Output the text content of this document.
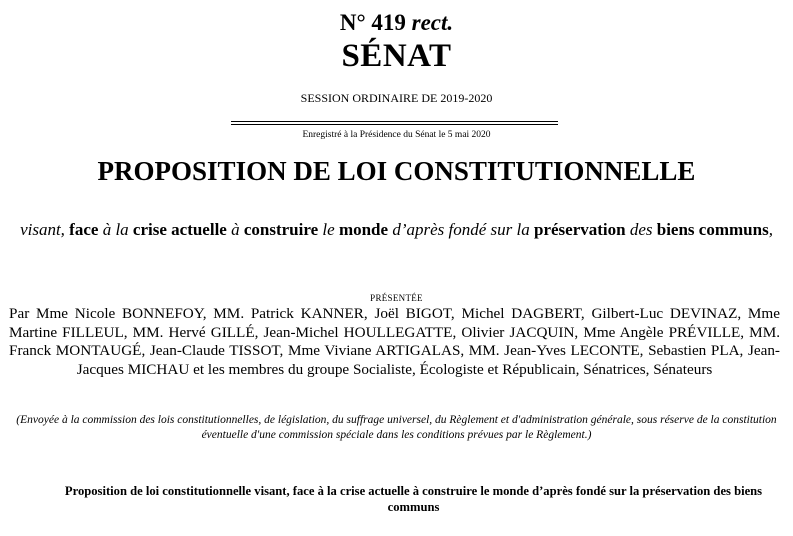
N° 419 rect.
SÉNAT
SESSION ORDINAIRE DE 2019-2020
Enregistré à la Présidence du Sénat le 5 mai 2020
PROPOSITION DE LOI CONSTITUTIONNELLE
visant, face à la crise actuelle à construire le monde d’après fondé sur la préservation des biens communs,
PRÉSENTÉE
Par Mme Nicole BONNEFOY, MM. Patrick KANNER, Joël BIGOT, Michel DAGBERT, Gilbert-Luc DEVINAZ, Mme Martine FILLEUL, MM. Hervé GILLÉ, Jean-Michel HOULLEGATTE, Olivier JACQUIN, Mme Angèle PRÉVILLE, MM. Franck MONTAUGÉ, Jean-Claude TISSOT, Mme Viviane ARTIGALAS, MM. Jean-Yves LECONTE, Sebastien PLA, Jean-Jacques MICHAU et les membres du groupe Socialiste, Écologiste et Républicain, Sénatrices, Sénateurs
(Envoyée à la commission des lois constitutionnelles, de législation, du suffrage universel, du Règlement et d'administration générale, sous réserve de la constitution éventuelle d'une commission spéciale dans les conditions prévues par le Règlement.)
Proposition de loi constitutionnelle visant, face à la crise actuelle à construire le monde d’après fondé sur la préservation des biens communs
